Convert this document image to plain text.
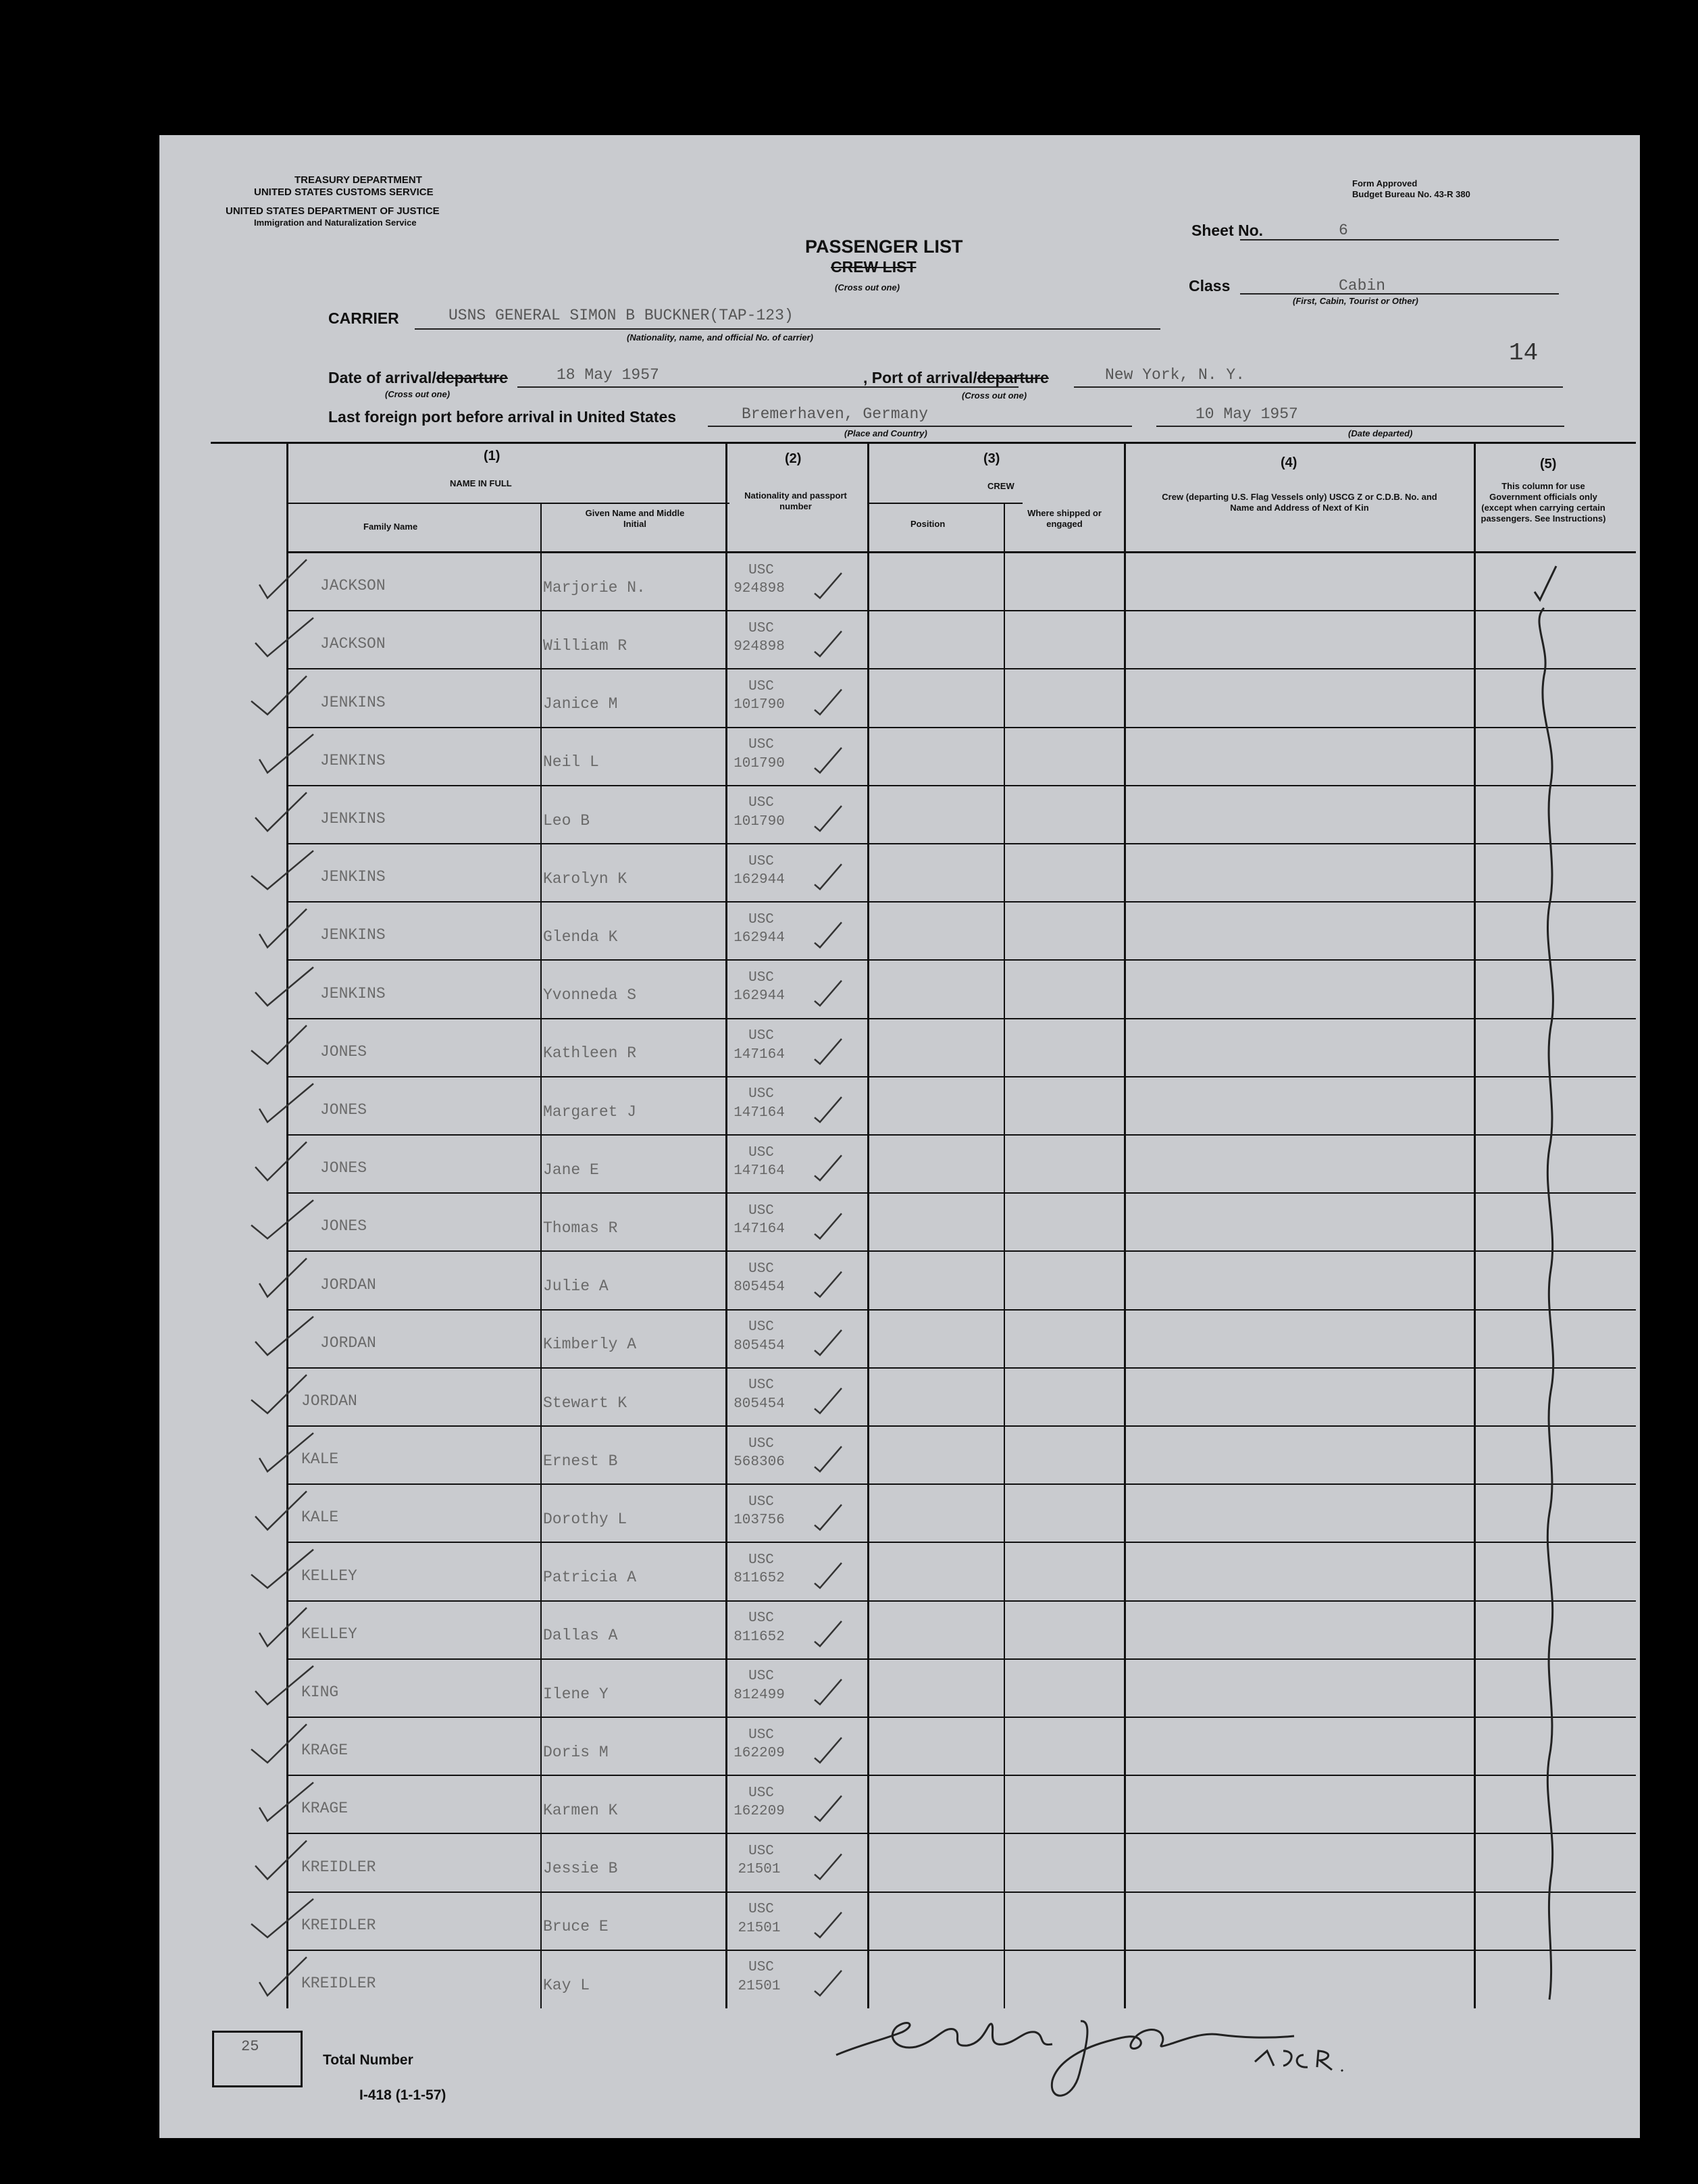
TREASURY DEPARTMENT
UNITED STATES CUSTOMS SERVICE
UNITED STATES DEPARTMENT OF JUSTICE
Immigration and Naturalization Service
Form Approved
Budget Bureau No. 43-R 380
PASSENGER LIST
CREW LIST
(Cross out one)
Sheet No.	6
Class	Cabin
(First, Cabin, Tourist or Other)
14
CARRIER	USNS GENERAL SIMON B BUCKNER(TAP-123)
(Nationality, name, and official No. of carrier)
Date of arrival/departure	18 May 1957
(Cross out one)
, Port of arrival/departure	New York, N. Y.
(Cross out one)
Last foreign port before arrival in United States	Bremerhaven, Germany
(Place and Country)
10 May 1957
(Date departed)
(1)
NAME IN FULL
Family Name
Given Name and Middle Initial
(2)
Nationality and passport number
(3)
CREW
Position
Where shipped or engaged
(4)
Crew (departing U.S. Flag Vessels only) USCG Z or C.D.B. No. and Name and Address of Next of Kin
(5)
This column for use Government officials only (except when carrying certain passengers. See Instructions)
JACKSON	Marjorie N.
USC
924898
JACKSON	William R
USC
924898
JENKINS	Janice M
USC
101790
JENKINS	Neil L
USC
101790
JENKINS	Leo B
USC
101790
JENKINS	Karolyn K
USC
162944
JENKINS	Glenda K
USC
162944
JENKINS	Yvonneda S
USC
162944
JONES	Kathleen R
USC
147164
JONES	Margaret J
USC
147164
JONES	Jane E
USC
147164
JONES	Thomas R
USC
147164
JORDAN	Julie A
USC
805454
JORDAN	Kimberly A
USC
805454
JORDAN	Stewart K
USC
805454
KALE	Ernest B
USC
568306
KALE	Dorothy L
USC
103756
KELLEY	Patricia A
USC
811652
KELLEY	Dallas A
USC
811652
KING	Ilene Y
USC
812499
KRAGE	Doris M
USC
162209
KRAGE	Karmen K
USC
162209
KREIDLER	Jessie B
USC
21501
KREIDLER	Bruce E
USC
21501
KREIDLER	Kay L
USC
21501
25
Total Number
I-418 (1-1-57)
